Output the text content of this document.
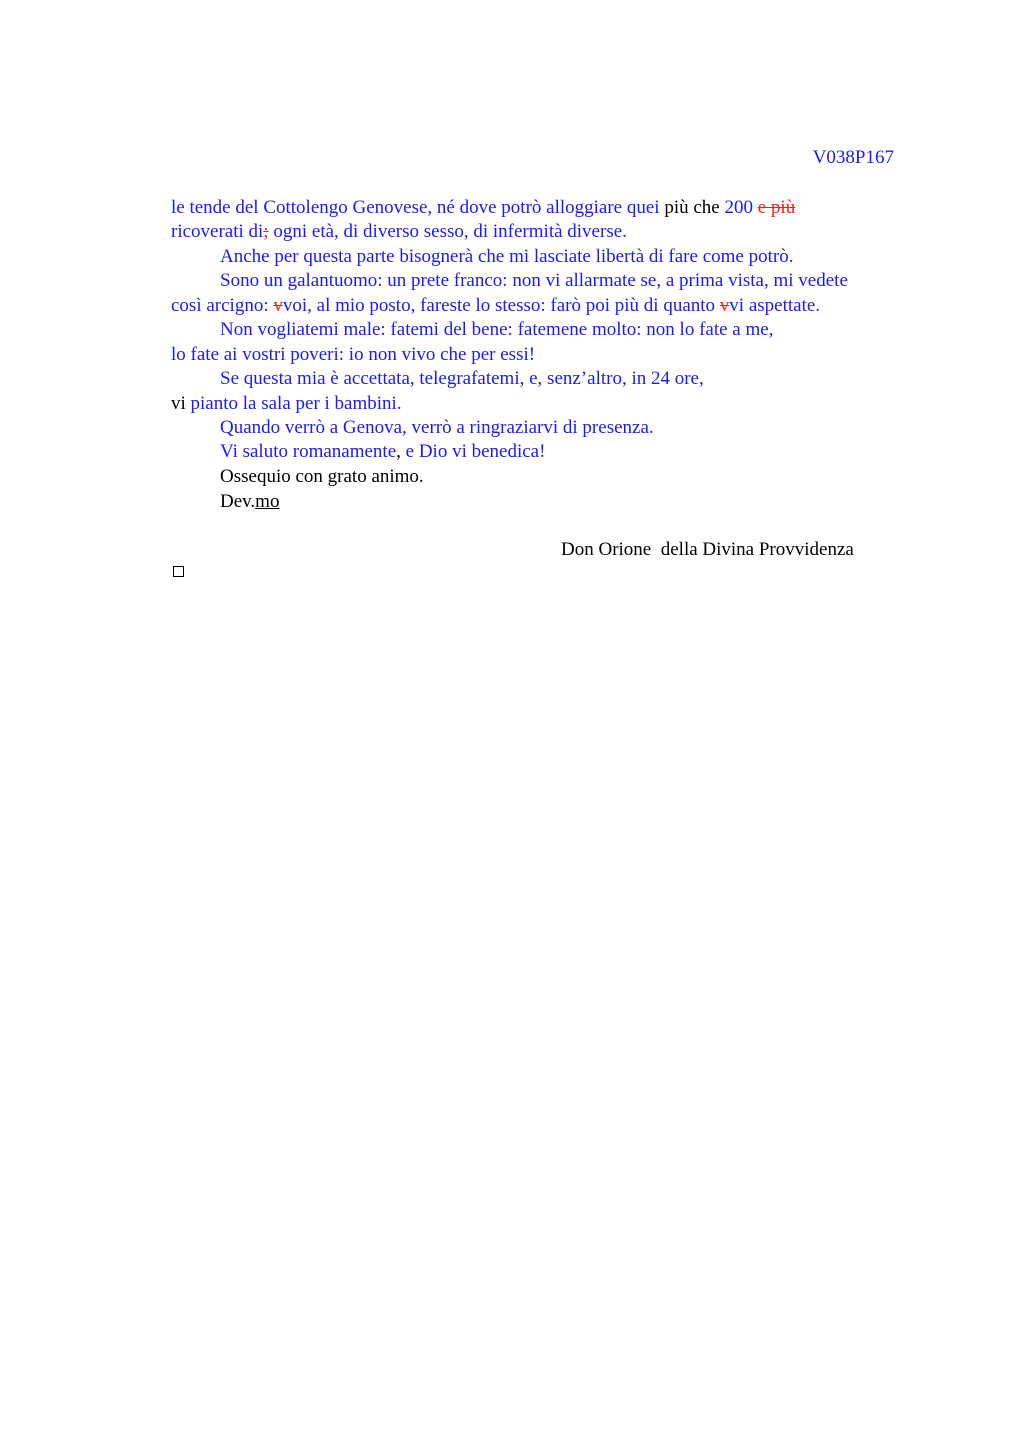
V038P167
le tende del Cottolengo Genovese, né dove potrò alloggiare quei più che 200 e più
ricoverati di; ogni età, di diverso sesso, di infermità diverse.
Anche per questa parte bisognerà che mi lasciate libertà di fare come potrò.
Sono un galantuomo: un prete franco: non vi allarmate se, a prima vista, mi vedete
così arcigno: vvoi, al mio posto, fareste lo stesso: farò poi più di quanto vvi aspettate.
Non vogliatemi male: fatemi del bene: fatemene molto: non lo fate a me,
lo fate ai vostri poveri: io non vivo che per essi!
Se questa mia è accettata, telegrafatemi, e, senz’altro, in 24 ore,
vi pianto la sala per i bambini.
Quando verrò a Genova, verrò a ringraziarvi di presenza.
Vi saluto romanamente, e Dio vi benedica!
Ossequio con grato animo.
Dev.mo
Don Orione  della Divina Provvidenza
